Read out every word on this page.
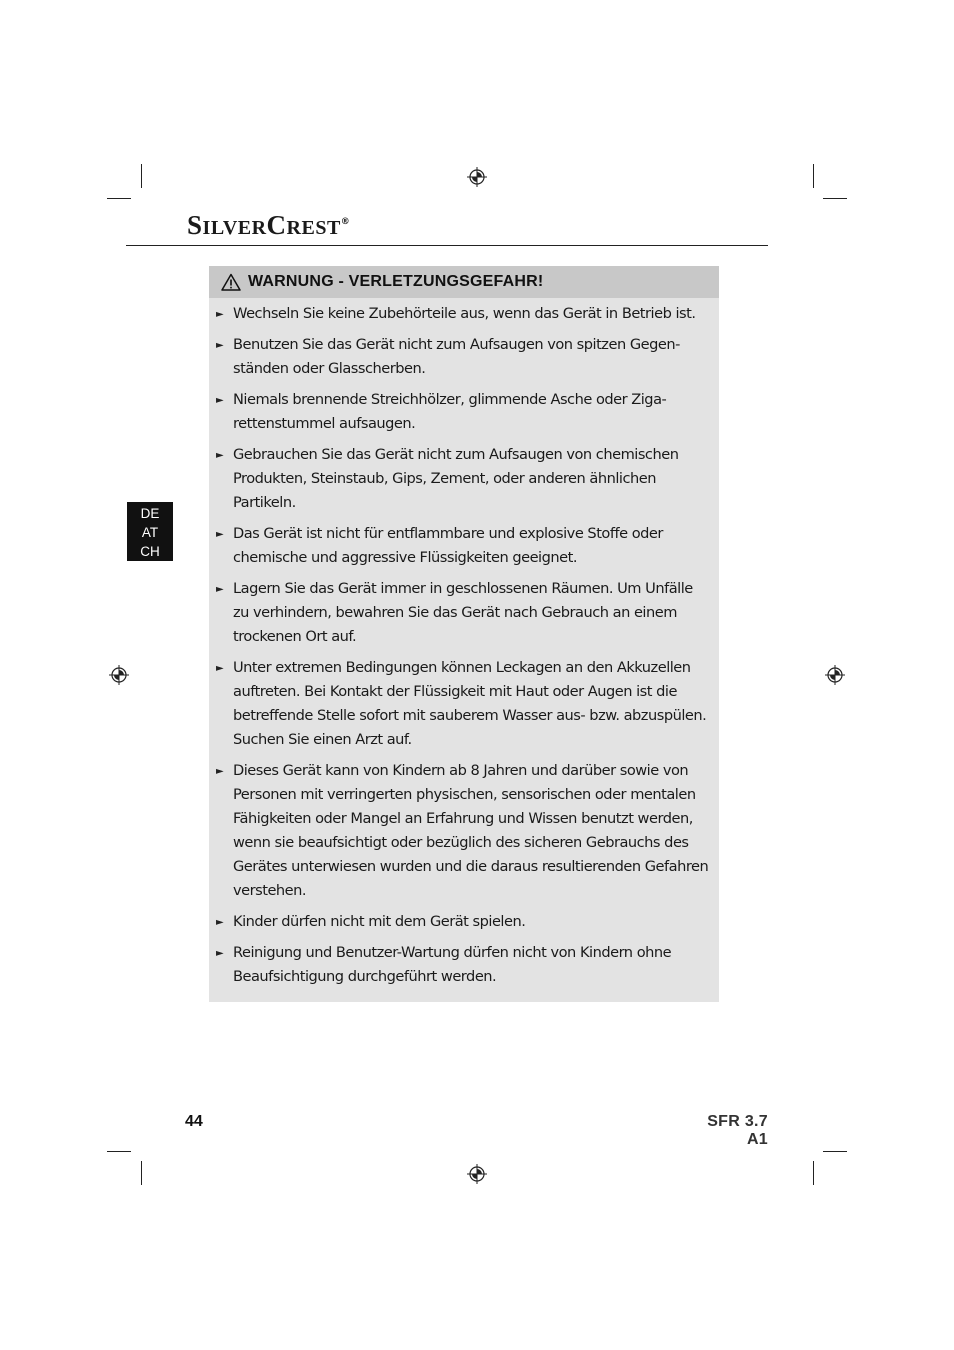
SILVERCREST®
DE
AT
CH
WARNUNG - VERLETZUNGSGEFAHR!
► Wechseln Sie keine Zubehörteile aus, wenn das Gerät in Betrieb ist.
► Benutzen Sie das Gerät nicht zum Aufsaugen von spitzen Gegenständen oder Glasscherben.
► Niemals brennende Streichhölzer, glimmende Asche oder Zigarettenstummel aufsaugen.
► Gebrauchen Sie das Gerät nicht zum Aufsaugen von chemischen Produkten, Steinstaub, Gips, Zement, oder anderen ähnlichen Partikeln.
► Das Gerät ist nicht für entflammbare und explosive Stoffe oder chemische und aggressive Flüssigkeiten geeignet.
► Lagern Sie das Gerät immer in geschlossenen Räumen. Um Unfälle zu verhindern, bewahren Sie das Gerät nach Gebrauch an einem trockenen Ort auf.
► Unter extremen Bedingungen können Leckagen an den Akkuzellen auftreten. Bei Kontakt der Flüssigkeit mit Haut oder Augen ist die betreffende Stelle sofort mit sauberem Wasser aus- bzw. abzuspülen. Suchen Sie einen Arzt auf.
► Dieses Gerät kann von Kindern ab 8 Jahren und darüber sowie von Personen mit verringerten physischen, sensorischen oder mentalen Fähigkeiten oder Mangel an Erfahrung und Wissen benutzt werden, wenn sie beaufsichtigt oder bezüglich des sicheren Gebrauchs des Gerätes unterwiesen wurden und die daraus resultierenden Gefahren verstehen.
► Kinder dürfen nicht mit dem Gerät spielen.
► Reinigung und Benutzer-Wartung dürfen nicht von Kindern ohne Beaufsichtigung durchgeführt werden.
44	SFR 3.7 A1
